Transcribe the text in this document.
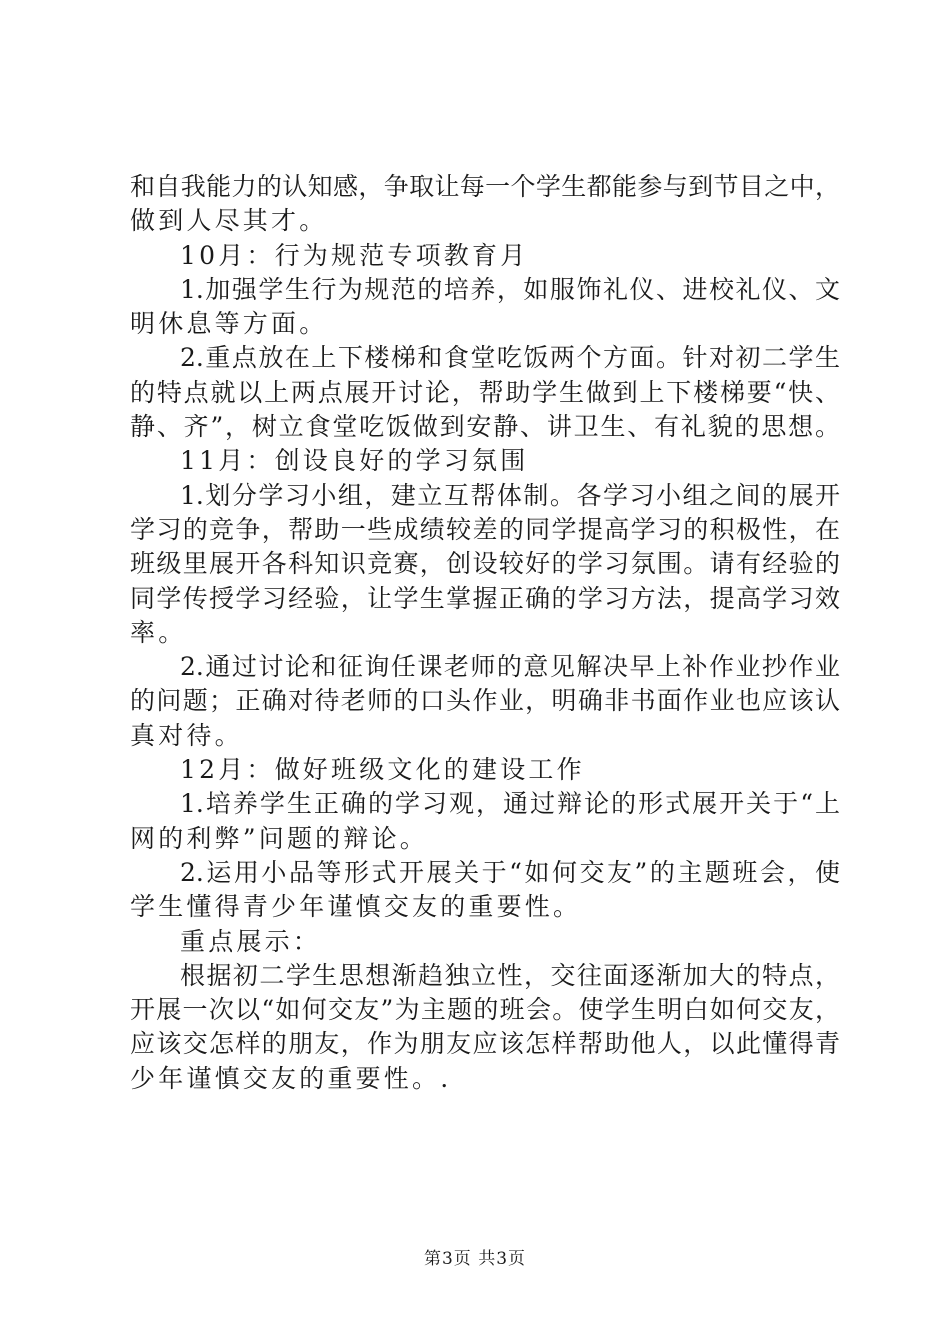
和自我能力的认知感，争取让每一个学生都能参与到节目之中，
做到人尽其才。
10月：行为规范专项教育月
1.加强学生行为规范的培养，如服饰礼仪、进校礼仪、文
明休息等方面。
2.重点放在上下楼梯和食堂吃饭两个方面。针对初二学生
的特点就以上两点展开讨论，帮助学生做到上下楼梯要“快、
静、齐”，树立食堂吃饭做到安静、讲卫生、有礼貌的思想。
11月：创设良好的学习氛围
1.划分学习小组，建立互帮体制。各学习小组之间的展开
学习的竞争，帮助一些成绩较差的同学提高学习的积极性，在
班级里展开各科知识竞赛，创设较好的学习氛围。请有经验的
同学传授学习经验，让学生掌握正确的学习方法，提高学习效
率。
2.通过讨论和征询任课老师的意见解决早上补作业抄作业
的问题；正确对待老师的口头作业，明确非书面作业也应该认
真对待。
12月：做好班级文化的建设工作
1.培养学生正确的学习观，通过辩论的形式展开关于“上
网的利弊”问题的辩论。
2.运用小品等形式开展关于“如何交友”的主题班会，使
学生懂得青少年谨慎交友的重要性。
重点展示：
根据初二学生思想渐趋独立性，交往面逐渐加大的特点，
开展一次以“如何交友”为主题的班会。使学生明白如何交友，
应该交怎样的朋友，作为朋友应该怎样帮助他人，以此懂得青
少年谨慎交友的重要性。.
第3页 共3页
